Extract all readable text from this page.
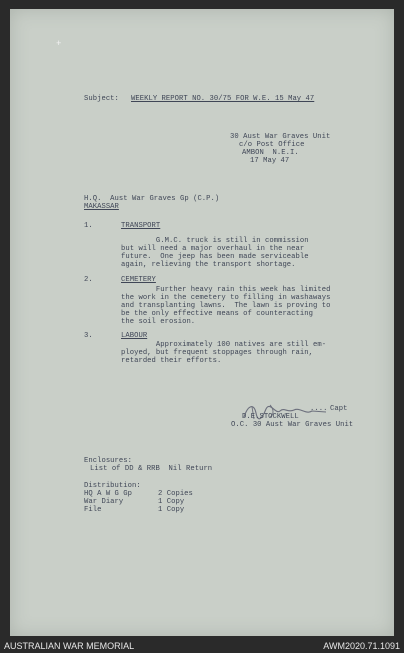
+
Subject: WEEKLY REPORT NO. 30/75 FOR W.E. 15 May 47
30 Aust War Graves Unit
c/o Post Office
AMBON  N.E.I.
17 May 47
H.Q.  Aust War Graves Gp (C.P.)
MAKASSAR
1.	TRANSPORT
G.M.C. truck is still in commission
but will need a major overhaul in the near
future.  One jeep has been made serviceable
again, relieving the transport shortage.
2.	CEMETERY
Further heavy rain this week has limited
the work in the cemetery to filling in washaways
and transplanting lawns.  The lawn is proving to
be the only effective means of counteracting
the soil erosion.
3.	LABOUR
Approximately 100 natives are still em-
ployed, but frequent stoppages through rain,
retarded their efforts.
.... Capt
D.E.STOCKWELL
O.C. 30 Aust War Graves Unit
Enclosures:
List of DD & RRB  Nil Return
Distribution:
HQ A W G Gp	2 Copies
War Diary	1 Copy
File	1 Copy
AUSTRALIAN WAR MEMORIAL	AWM2020.71.1091
